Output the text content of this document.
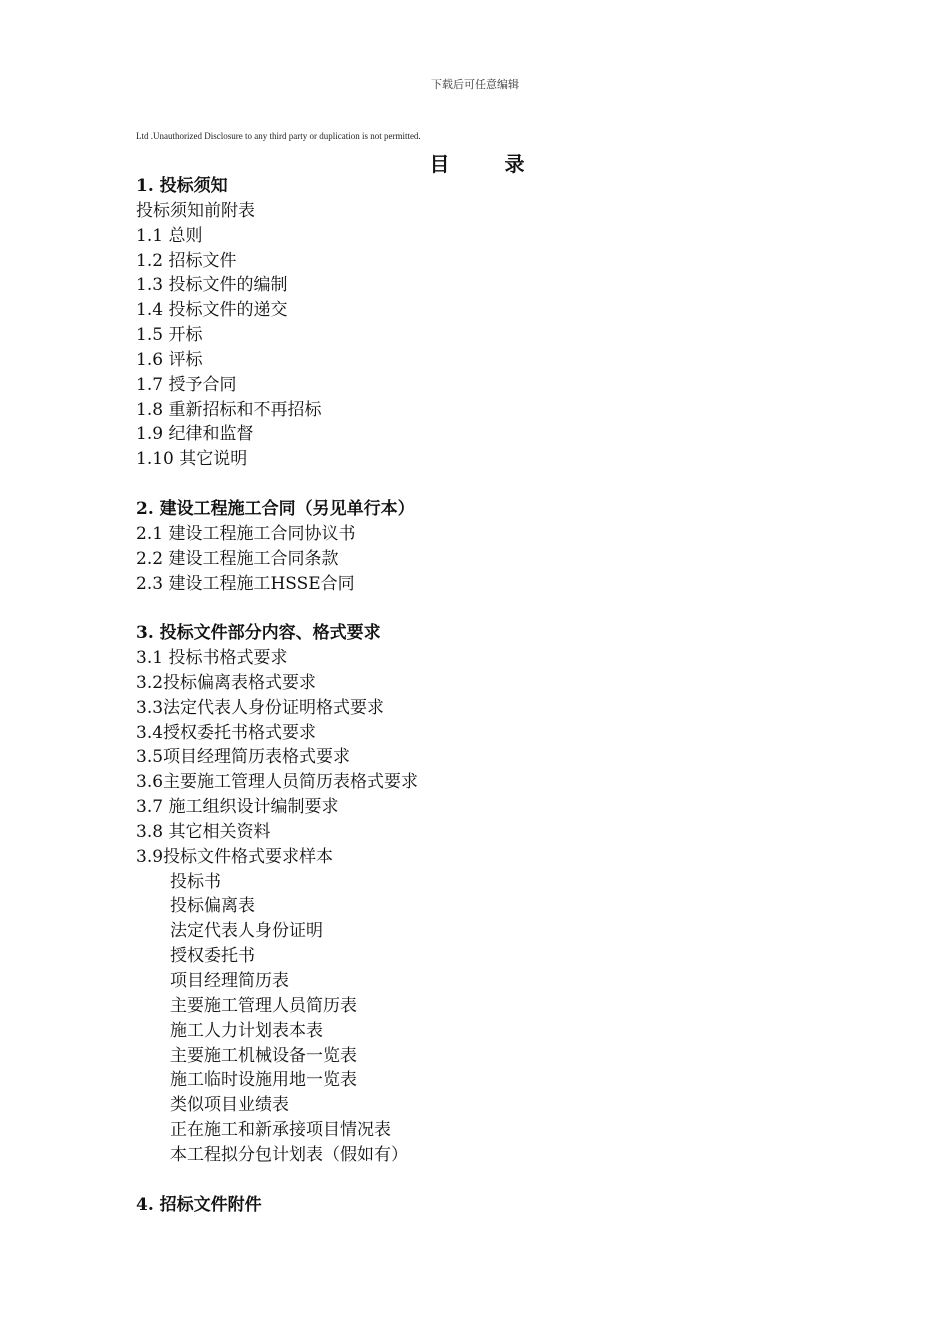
下载后可任意编辑
Ltd .Unauthorized Disclosure to any third party or duplication is not permitted.
目 录
1. 投标须知
投标须知前附表
1.1 总则
1.2 招标文件
1.3 投标文件的编制
1.4 投标文件的递交
1.5 开标
1.6 评标
1.7 授予合同
1.8 重新招标和不再招标
1.9 纪律和监督
1.10 其它说明
2. 建设工程施工合同（另见单行本）
2.1 建设工程施工合同协议书
2.2 建设工程施工合同条款
2.3 建设工程施工HSSE合同
3. 投标文件部分内容、格式要求
3.1 投标书格式要求
3.2投标偏离表格式要求
3.3法定代表人身份证明格式要求
3.4授权委托书格式要求
3.5项目经理简历表格式要求
3.6主要施工管理人员简历表格式要求
3.7 施工组织设计编制要求
3.8 其它相关资料
3.9投标文件格式要求样本
投标书
投标偏离表
法定代表人身份证明
授权委托书
项目经理简历表
主要施工管理人员简历表
施工人力计划表本表
主要施工机械设备一览表
施工临时设施用地一览表
类似项目业绩表
正在施工和新承接项目情况表
本工程拟分包计划表（假如有）
4. 招标文件附件
